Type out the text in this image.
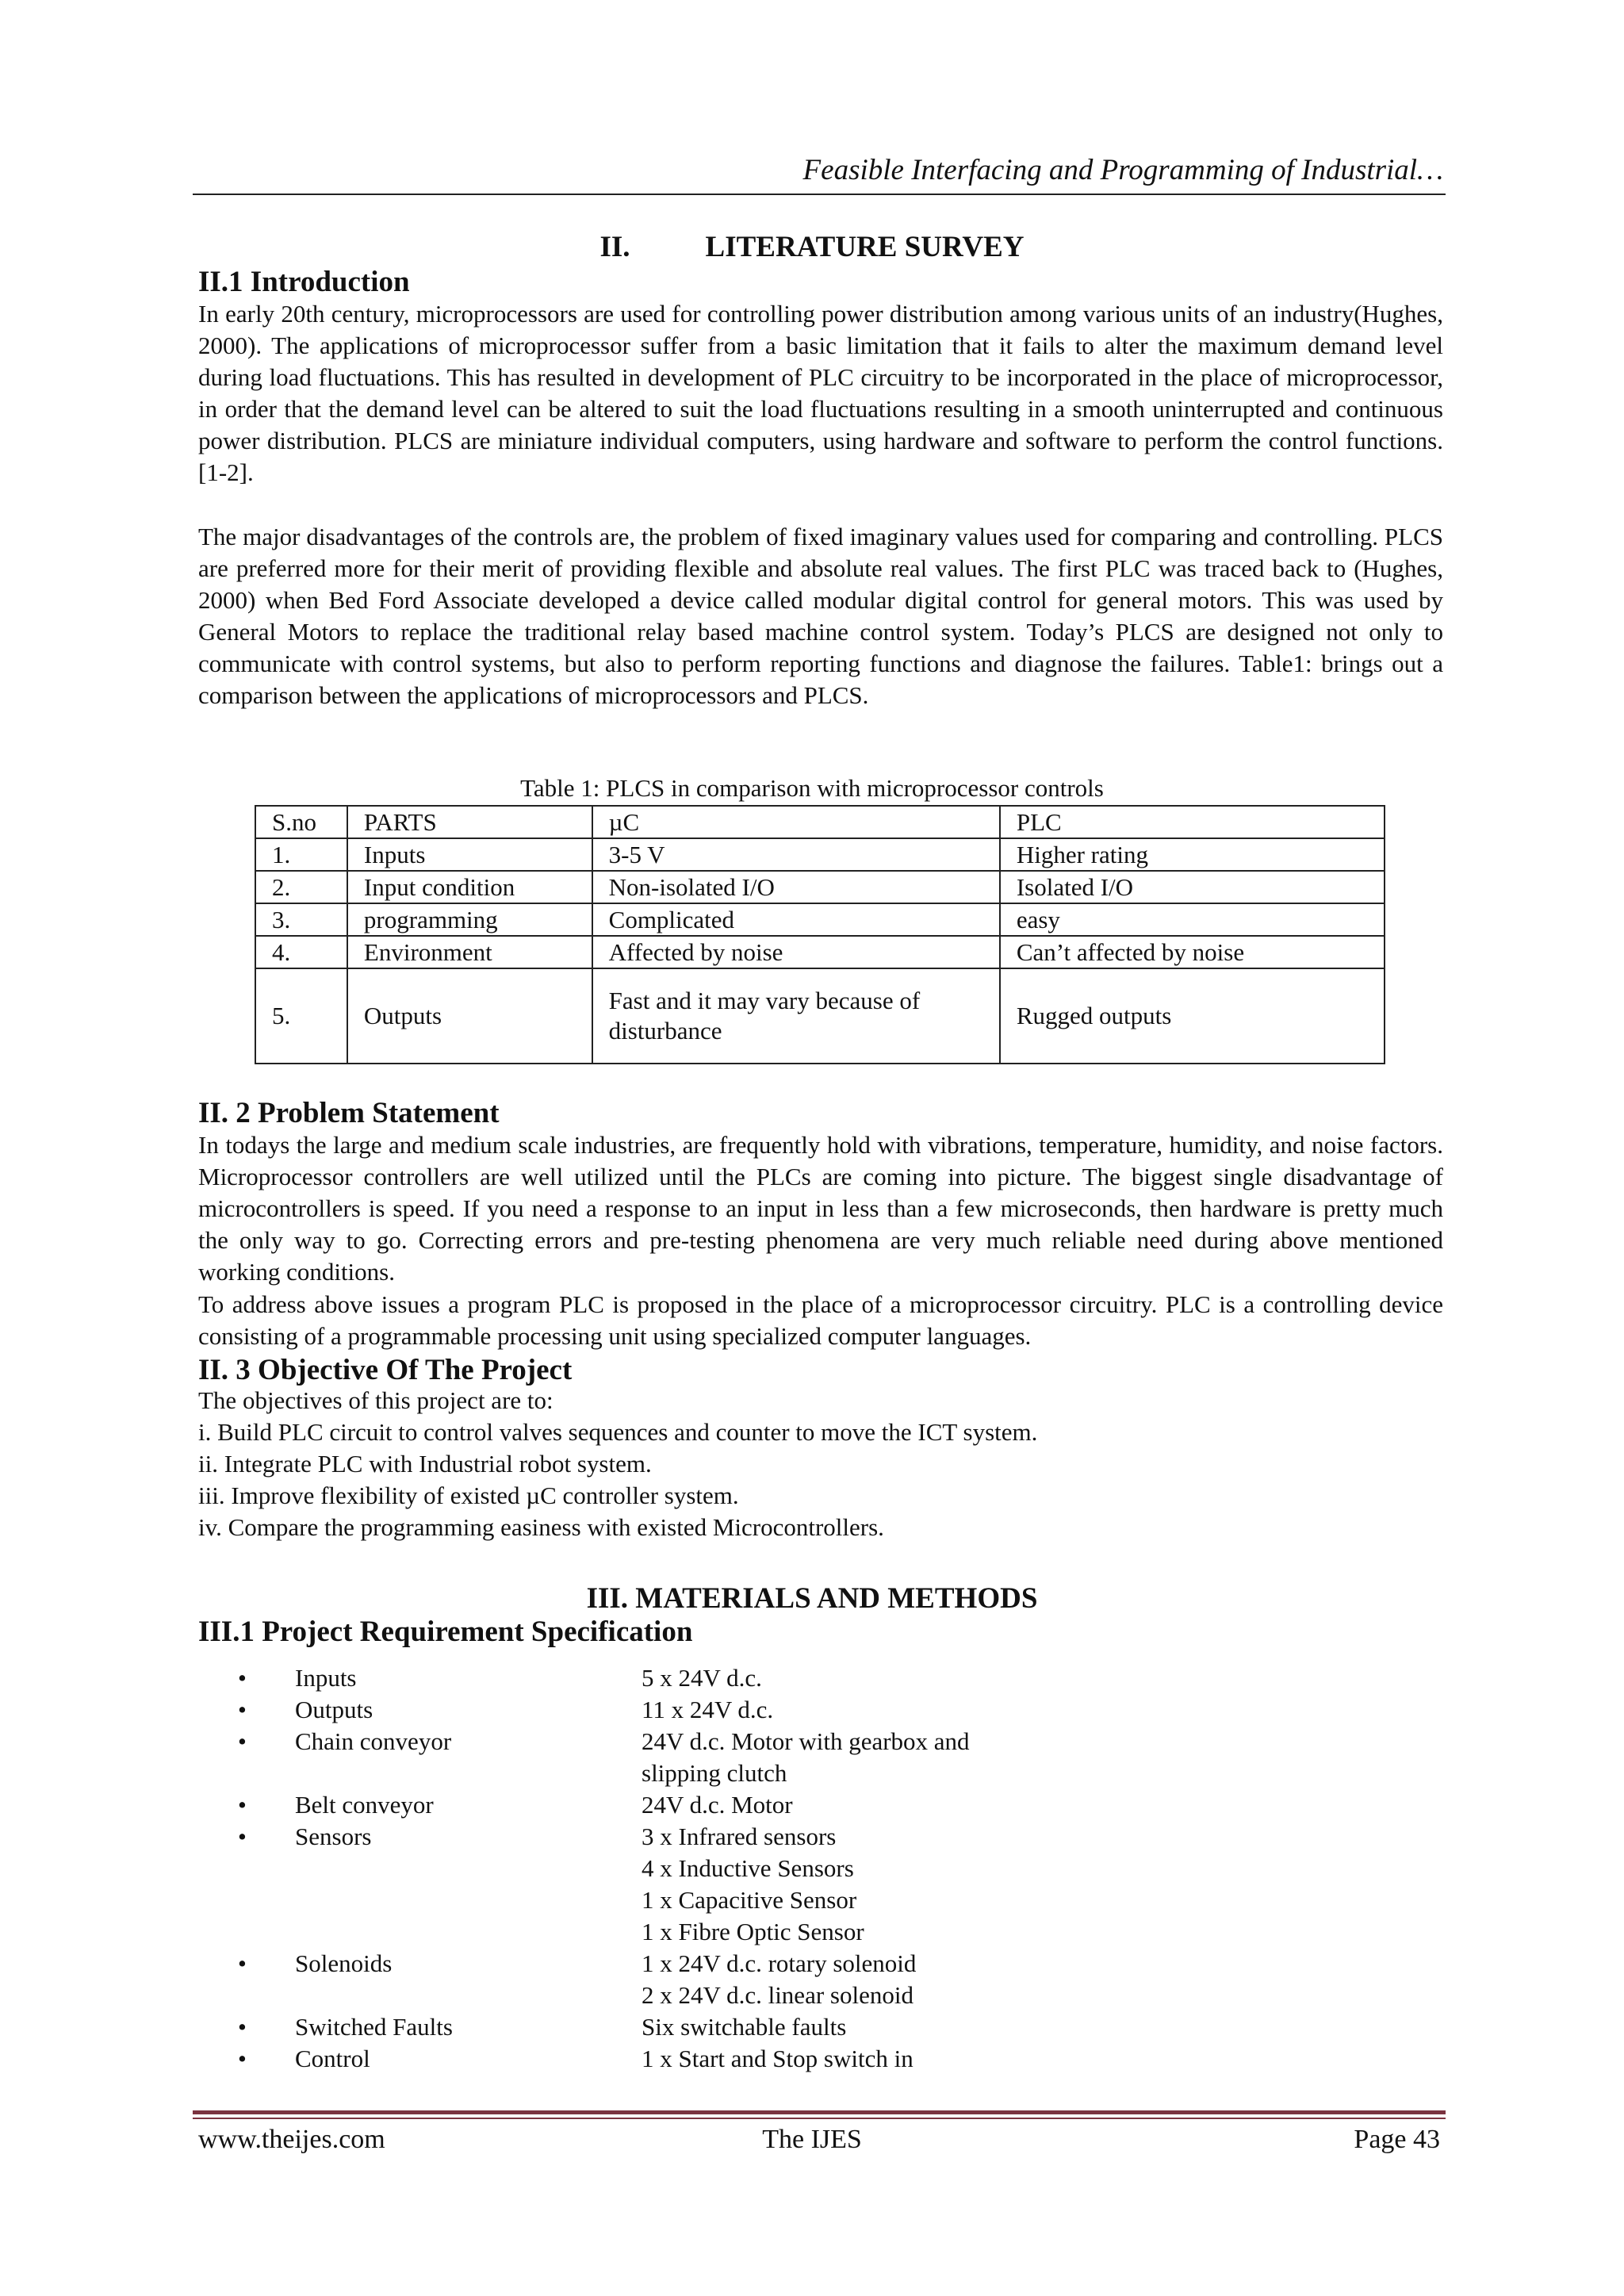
Feasible Interfacing and Programming of Industrial…
II.	LITERATURE SURVEY
II.1 Introduction
In early 20th century, microprocessors are used for controlling power distribution among various units of an industry(Hughes, 2000). The applications of microprocessor suffer from a basic limitation that it fails to alter the maximum demand level during load fluctuations. This has resulted in development of PLC circuitry to be incorporated in the place of microprocessor, in order that the demand level can be altered to suit the load fluctuations resulting in a smooth uninterrupted and continuous power distribution. PLCS are miniature individual computers, using hardware and software to perform the control functions. [1-2].
The major disadvantages of the controls are, the problem of fixed imaginary values used for comparing and controlling. PLCS are preferred more for their merit of providing flexible and absolute real values. The first PLC was traced back to (Hughes, 2000) when Bed Ford Associate developed a device called modular digital control for general motors. This was used by General Motors to replace the traditional relay based machine control system. Today’s PLCS are designed not only to communicate with control systems, but also to perform reporting functions and diagnose the failures. Table1: brings out a comparison between the applications of microprocessors and PLCS.
Table 1: PLCS in comparison with microprocessor controls
S.no	PARTS	µC	PLC
1.	Inputs	3-5 V	Higher rating
2.	Input condition	Non-isolated I/O	Isolated I/O
3.	programming	Complicated	easy
4.	Environment	Affected by noise	Can’t affected by noise
5.	Outputs	Fast and it may vary because of disturbance	Rugged outputs
II. 2 Problem Statement
In todays the large and medium scale industries, are frequently hold with vibrations, temperature, humidity, and noise factors. Microprocessor controllers are well utilized until the PLCs are coming into picture. The biggest single disadvantage of microcontrollers is speed. If you need a response to an input in less than a few microseconds, then hardware is pretty much the only way to go. Correcting errors and pre-testing phenomena are very much reliable need during above mentioned working conditions.
To address above issues a program PLC is proposed in the place of a microprocessor circuitry. PLC is a controlling device consisting of a programmable processing unit using specialized computer languages.
II. 3 Objective Of The Project
The objectives of this project are to:
i. Build PLC circuit to control valves sequences and counter to move the ICT system.
ii. Integrate PLC with Industrial robot system.
iii. Improve flexibility of existed µC controller system.
iv. Compare the programming easiness with existed Microcontrollers.
III. MATERIALS AND METHODS
III.1 Project Requirement Specification
•	Inputs	5 x 24V d.c.
•	Outputs	11 x 24V d.c.
•	Chain conveyor	24V d.c. Motor with gearbox and
slipping clutch
•	Belt conveyor	24V d.c. Motor
•	Sensors	3 x Infrared sensors
4 x Inductive Sensors
1 x Capacitive Sensor
1 x Fibre Optic Sensor
•	Solenoids	1 x 24V d.c. rotary solenoid
2 x 24V d.c. linear solenoid
•	Switched Faults	Six switchable faults
•	Control	1 x Start and Stop switch in
www.theijes.com	The IJES	Page 43
